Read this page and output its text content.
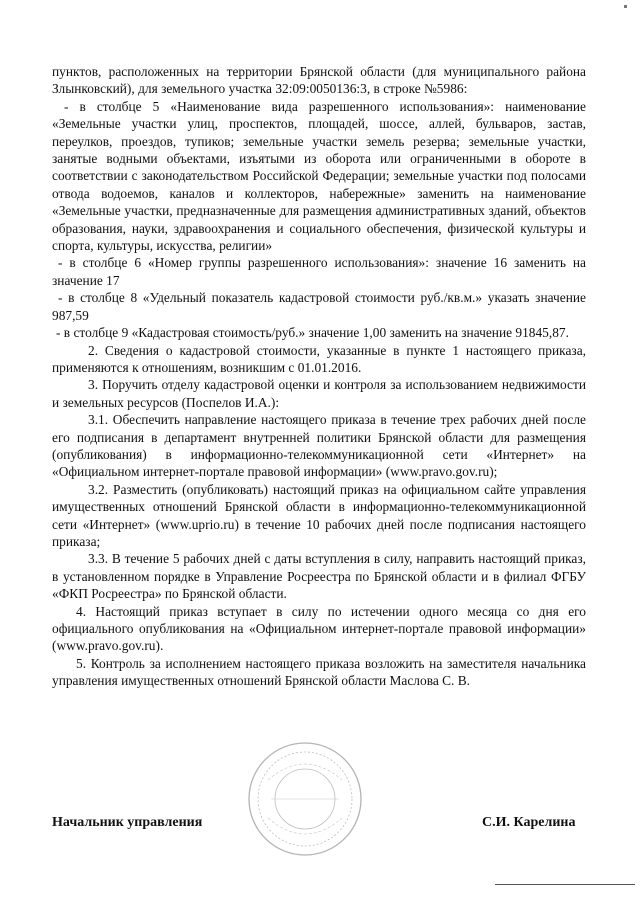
пунктов, расположенных на территории Брянской области (для муниципального района Злынковский), для земельного участка 32:09:0050136:3, в строке №5986:

- в столбце 5 «Наименование вида разрешенного использования»: наименование «Земельные участки улиц, проспектов, площадей, шоссе, аллей, бульваров, застав, переулков, проездов, тупиков; земельные участки земель резерва; земельные участки, занятые водными объектами, изъятыми из оборота или ограниченными в обороте в соответствии с законодательством Российской Федерации; земельные участки под полосами отвода водоемов, каналов и коллекторов, набережные» заменить на наименование «Земельные участки, предназначенные для размещения административных зданий, объектов образования, науки, здравоохранения и социального обеспечения, физической культуры и спорта, культуры, искусства, религии»

- в столбце 6 «Номер группы разрешенного использования»: значение 16 заменить на значение 17

- в столбце 8 «Удельный показатель кадастровой стоимости руб./кв.м.» указать значение 987,59

- в столбце 9 «Кадастровая стоимость/руб.» значение 1,00 заменить на значение 91845,87.

2. Сведения о кадастровой стоимости, указанные в пункте 1 настоящего приказа, применяются к отношениям, возникшим с 01.01.2016.

3. Поручить отделу кадастровой оценки и контроля за использованием недвижимости и земельных ресурсов (Поспелов И.А.):

3.1. Обеспечить направление настоящего приказа в течение трех рабочих дней после его подписания в департамент внутренней политики Брянской области для размещения (опубликования) в информационно-телекоммуникационной сети «Интернет» на «Официальном интернет-портале правовой информации» (www.pravo.gov.ru);

3.2. Разместить (опубликовать) настоящий приказ на официальном сайте управления имущественных отношений Брянской области в информационно-телекоммуникационной сети «Интернет» (www.uprio.ru) в течение 10 рабочих дней после подписания настоящего приказа;

3.3. В течение 5 рабочих дней с даты вступления в силу, направить настоящий приказ, в установленном порядке в Управление Росреестра по Брянской области и в филиал ФГБУ «ФКП Росреестра» по Брянской области.

4. Настоящий приказ вступает в силу по истечении одного месяца со дня его официального опубликования на «Официальном интернет-портале правовой информации» (www.pravo.gov.ru).

5. Контроль за исполнением настоящего приказа возложить на заместителя начальника управления имущественных отношений Брянской области Маслова С. В.

Начальник управления	С.И. Карелина
